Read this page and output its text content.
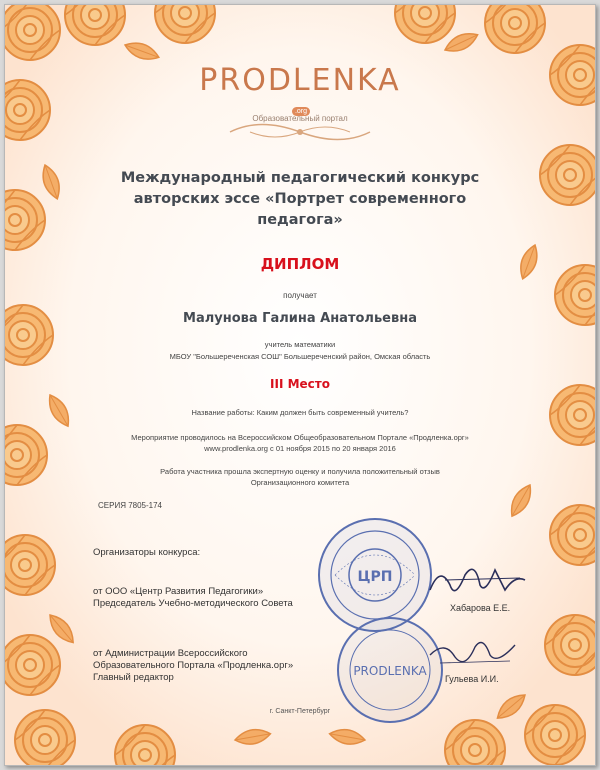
PRODLENKA.org
Образовательный портал
Международный педагогический конкурс
авторских эссе «Портрет современного
педагога»
ДИПЛОМ
получает
Малунова Галина Анатольевна
учитель математики
МБОУ "Большереченская СОШ" Большереченский район, Омская область
III Место
Название работы: Каким должен быть современный учитель?
Мероприятие проводилось на Всероссийском Общеобразовательном Портале «Продленка.орг»
www.prodlenka.org с 01 ноября 2015 по 20 января 2016
Работа участника прошла экспертную оценку и получила положительный отзыв
Организационного комитета
СЕРИЯ 7805-174
Организаторы конкурса:
от ООО «Центр Развития Педагогики»
Председатель Учебно-методического Совета	Хабарова Е.Е.
от Администрации Всероссийского
Образовательного Портала «Продленка.орг»
Главный редактор	Гульева И.И.
ЦРП
PRODLENKA
г. Санкт-Петербург
